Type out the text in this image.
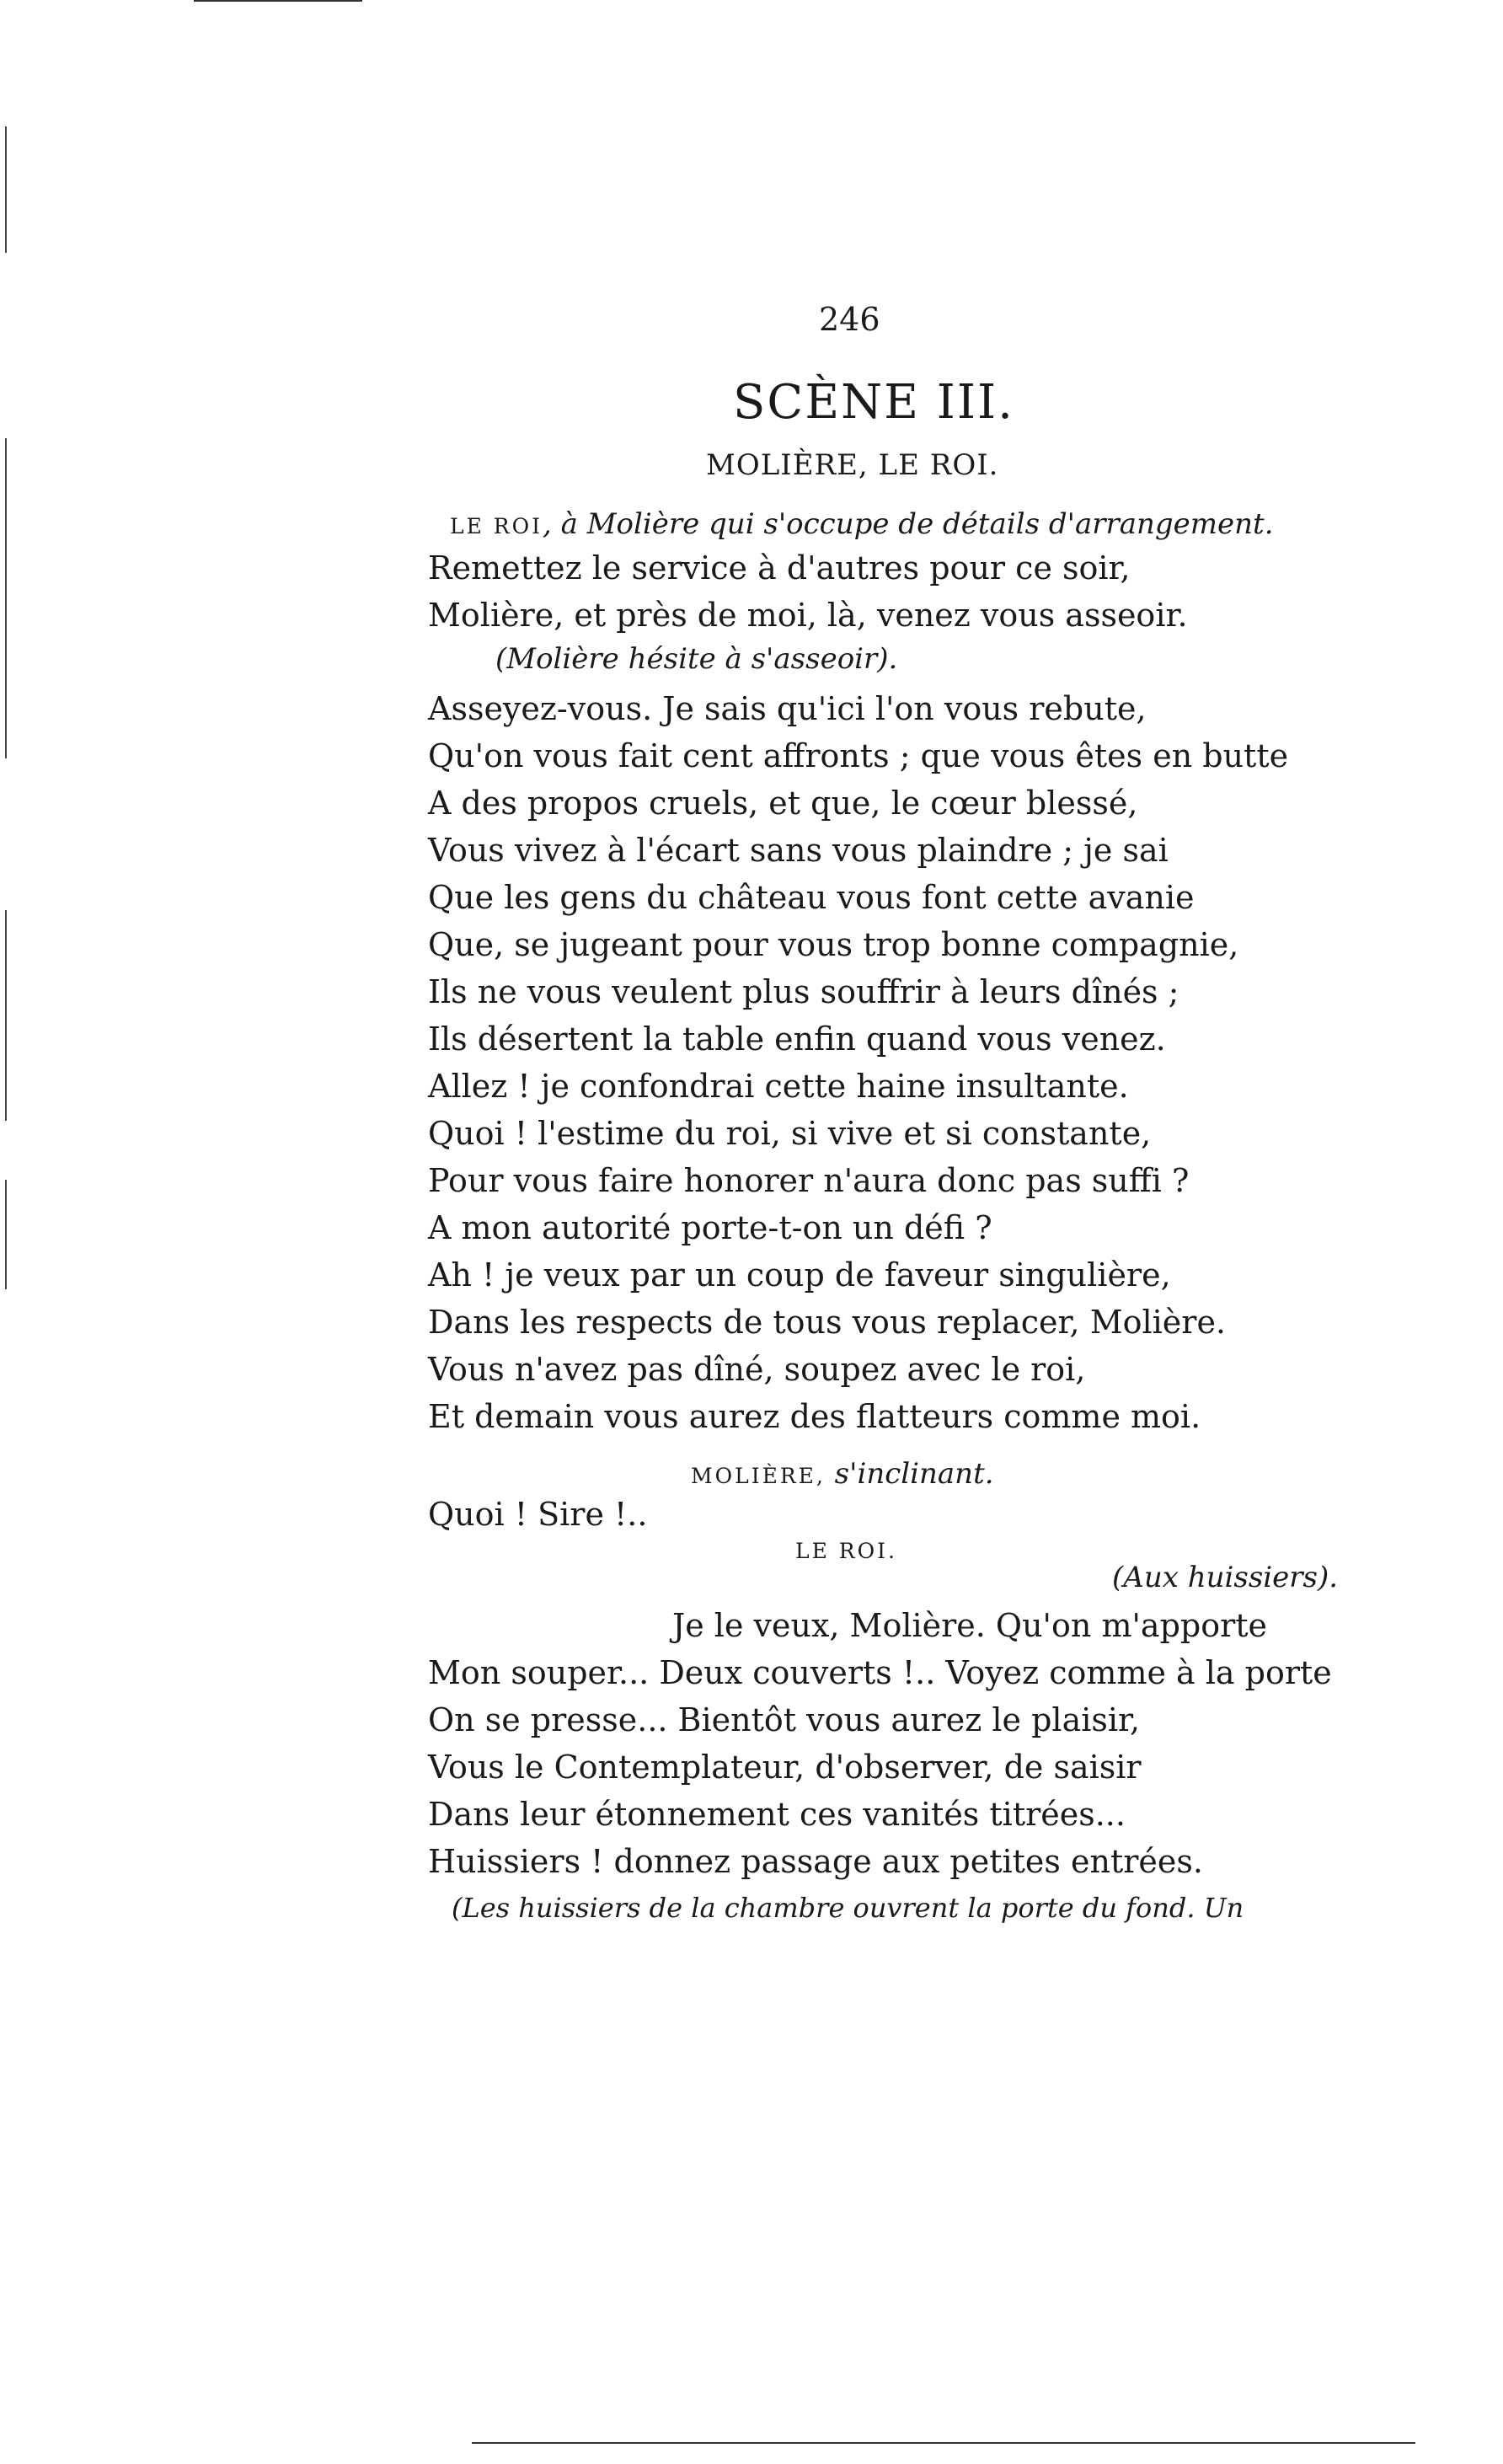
246
SCÈNE III.
MOLIÈRE, LE ROI.
LE ROI, à Molière qui s'occupe de détails d'arrangement.
Remettez le service à d'autres pour ce soir,
Molière, et près de moi, là, venez vous asseoir.
(Molière hésite à s'asseoir).
Asseyez-vous. Je sais qu'ici l'on vous rebute,
Qu'on vous fait cent affronts ; que vous êtes en butte
A des propos cruels, et que, le cœur blessé,
Vous vivez à l'écart sans vous plaindre ; je sai
Que les gens du château vous font cette avanie
Que, se jugeant pour vous trop bonne compagnie,
Ils ne vous veulent plus souffrir à leurs dînés ;
Ils désertent la table enfin quand vous venez.
Allez ! je confondrai cette haine insultante.
Quoi ! l'estime du roi, si vive et si constante,
Pour vous faire honorer n'aura donc pas suffi ?
A mon autorité porte-t-on un défi ?
Ah ! je veux par un coup de faveur singulière,
Dans les respects de tous vous replacer, Molière.
Vous n'avez pas dîné, soupez avec le roi,
Et demain vous aurez des flatteurs comme moi.
MOLIÈRE, s'inclinant.
Quoi ! Sire !..
LE ROI.
(Aux huissiers).
Je le veux, Molière. Qu'on m'apporte
Mon souper... Deux couverts !.. Voyez comme à la porte
On se presse... Bientôt vous aurez le plaisir,
Vous le Contemplateur, d'observer, de saisir
Dans leur étonnement ces vanités titrées...
Huissiers ! donnez passage aux petites entrées.
(Les huissiers de la chambre ouvrent la porte du fond. Un
